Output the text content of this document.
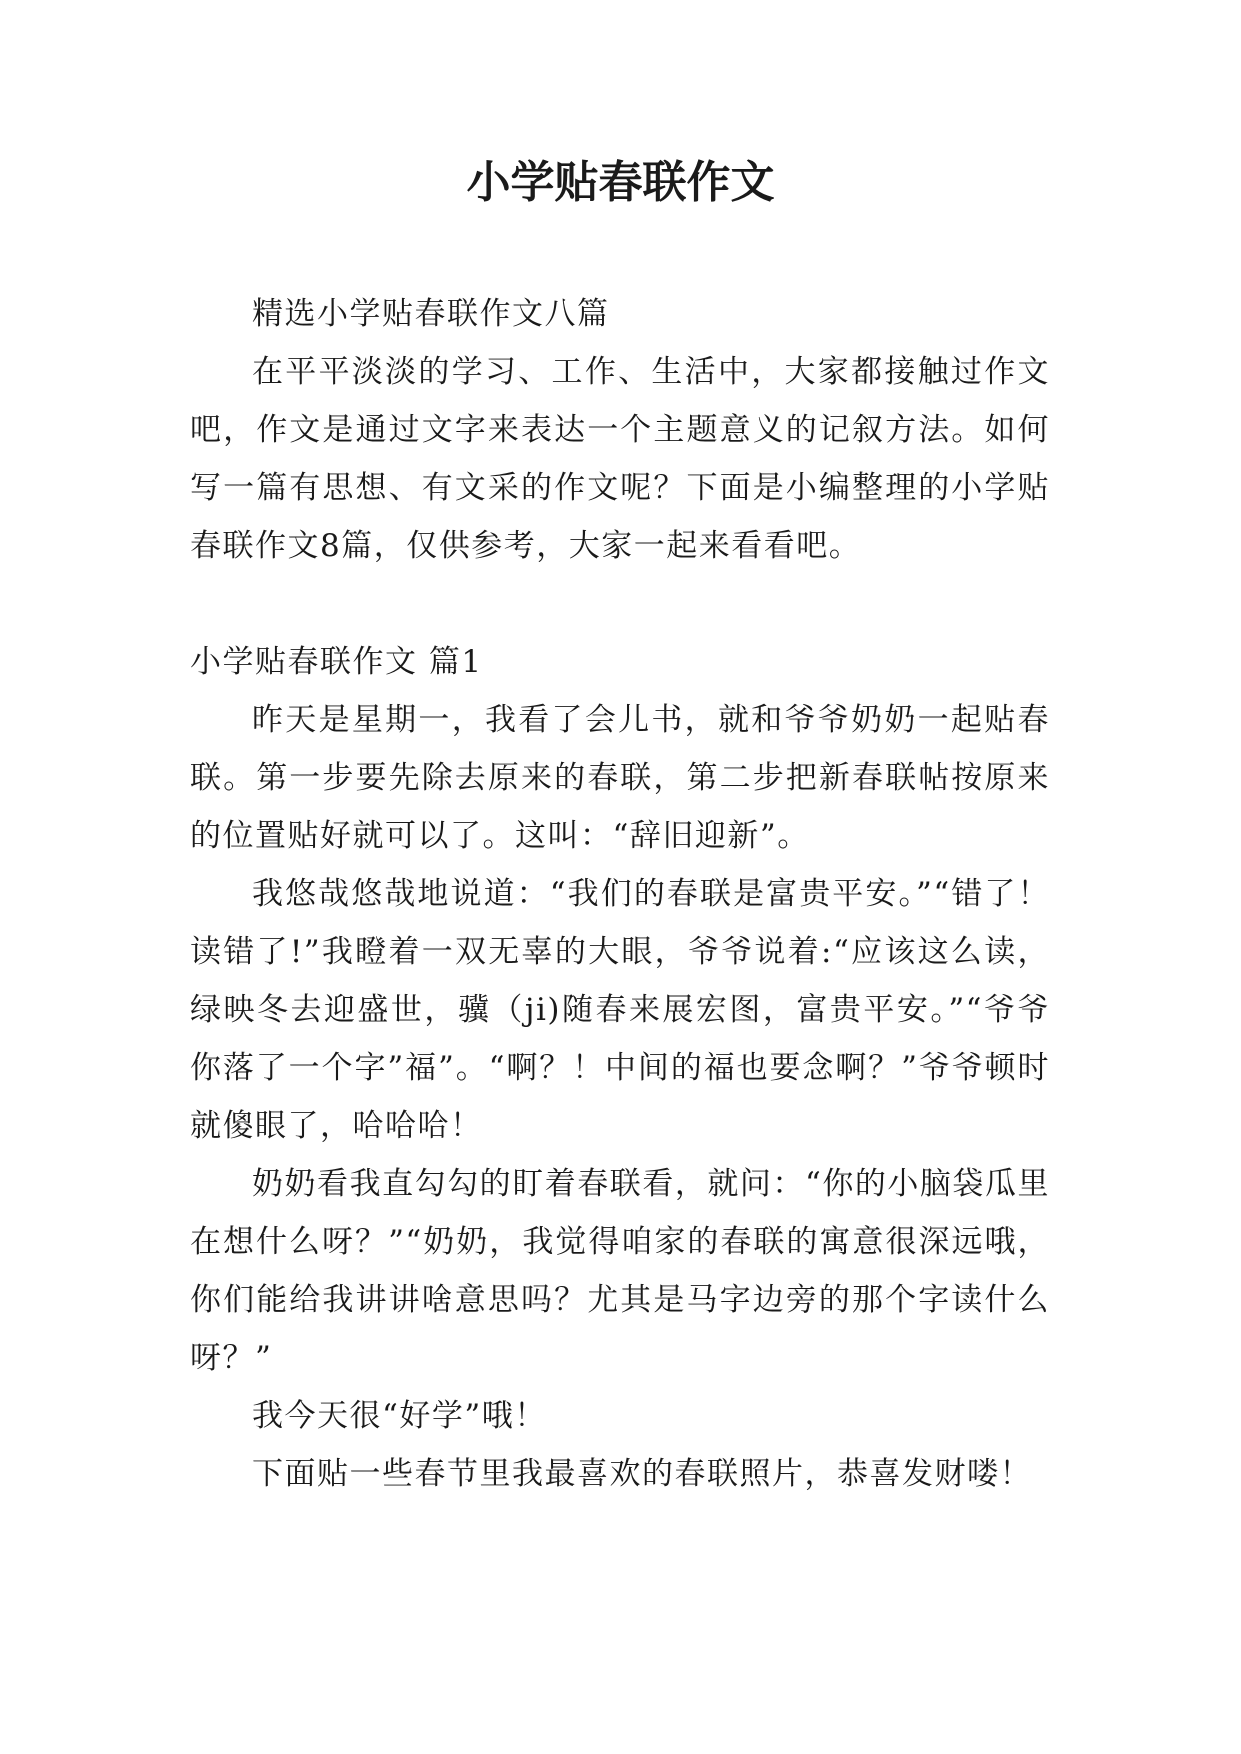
小学贴春联作文

精选小学贴春联作文八篇

在平平淡淡的学习、工作、生活中，大家都接触过作文吧，作文是通过文字来表达一个主题意义的记叙方法。如何写一篇有思想、有文采的作文呢？下面是小编整理的小学贴春联作文8篇，仅供参考，大家一起来看看吧。

小学贴春联作文 篇1

昨天是星期一，我看了会儿书，就和爷爷奶奶一起贴春联。第一步要先除去原来的春联，第二步把新春联帖按原来的位置贴好就可以了。这叫：“辞旧迎新”。

我悠哉悠哉地说道：“我们的春联是富贵平安。”“错了！读错了!”我瞪着一双无辜的大眼，爷爷说着:“应该这么读，绿映冬去迎盛世，骥（ji)随春来展宏图，富贵平安。”“爷爷你落了一个字”福”。“啊？！中间的福也要念啊？”爷爷顿时就傻眼了，哈哈哈！

奶奶看我直勾勾的盯着春联看，就问：“你的小脑袋瓜里在想什么呀？”“奶奶，我觉得咱家的春联的寓意很深远哦，你们能给我讲讲啥意思吗？尤其是马字边旁的那个字读什么呀？”

我今天很“好学”哦！

下面贴一些春节里我最喜欢的春联照片，恭喜发财喽！
